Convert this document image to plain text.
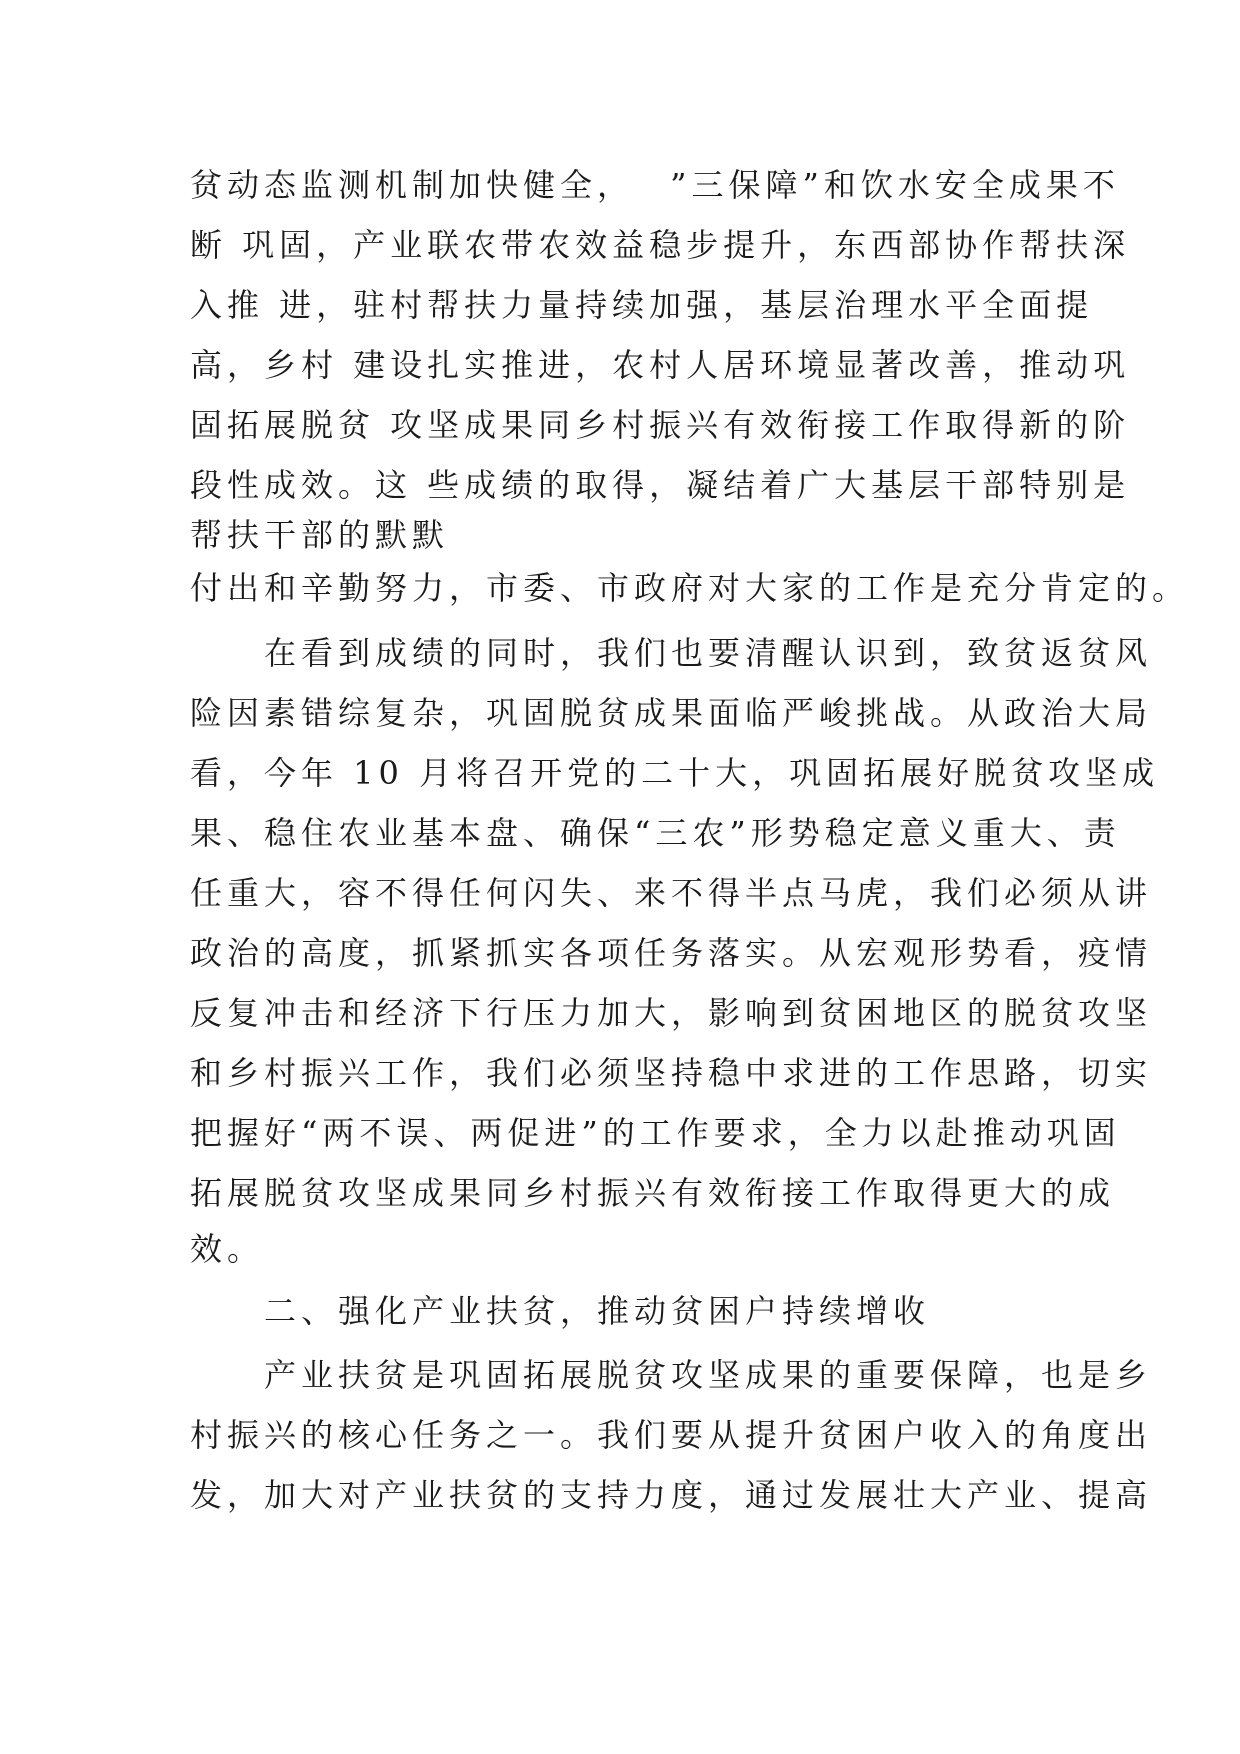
贫动态监测机制加快健全，　 ”三保障”和饮水安全成果不
断 巩固，产业联农带农效益稳步提升，东西部协作帮扶深
入推 进，驻村帮扶力量持续加强，基层治理水平全面提
高，乡村 建设扎实推进，农村人居环境显著改善，推动巩
固拓展脱贫 攻坚成果同乡村振兴有效衔接工作取得新的阶
段性成效。这 些成绩的取得，凝结着广大基层干部特别是
帮扶干部的默默
付出和辛勤努力，市委、市政府对大家的工作是充分肯定的。
　　在看到成绩的同时，我们也要清醒认识到，致贫返贫风
险因素错综复杂，巩固脱贫成果面临严峻挑战。从政治大局
看，今年 10 月将召开党的二十大，巩固拓展好脱贫攻坚成
果、稳住农业基本盘、确保“三农”形势稳定意义重大、责
任重大，容不得任何闪失、来不得半点马虎，我们必须从讲
政治的高度，抓紧抓实各项任务落实。从宏观形势看，疫情
反复冲击和经济下行压力加大，影响到贫困地区的脱贫攻坚
和乡村振兴工作，我们必须坚持稳中求进的工作思路，切实
把握好“两不误、两促进”的工作要求，全力以赴推动巩固
拓展脱贫攻坚成果同乡村振兴有效衔接工作取得更大的成
效。
　　二、强化产业扶贫，推动贫困户持续增收
　　产业扶贫是巩固拓展脱贫攻坚成果的重要保障，也是乡
村振兴的核心任务之一。我们要从提升贫困户收入的角度出
发，加大对产业扶贫的支持力度，通过发展壮大产业、提高
